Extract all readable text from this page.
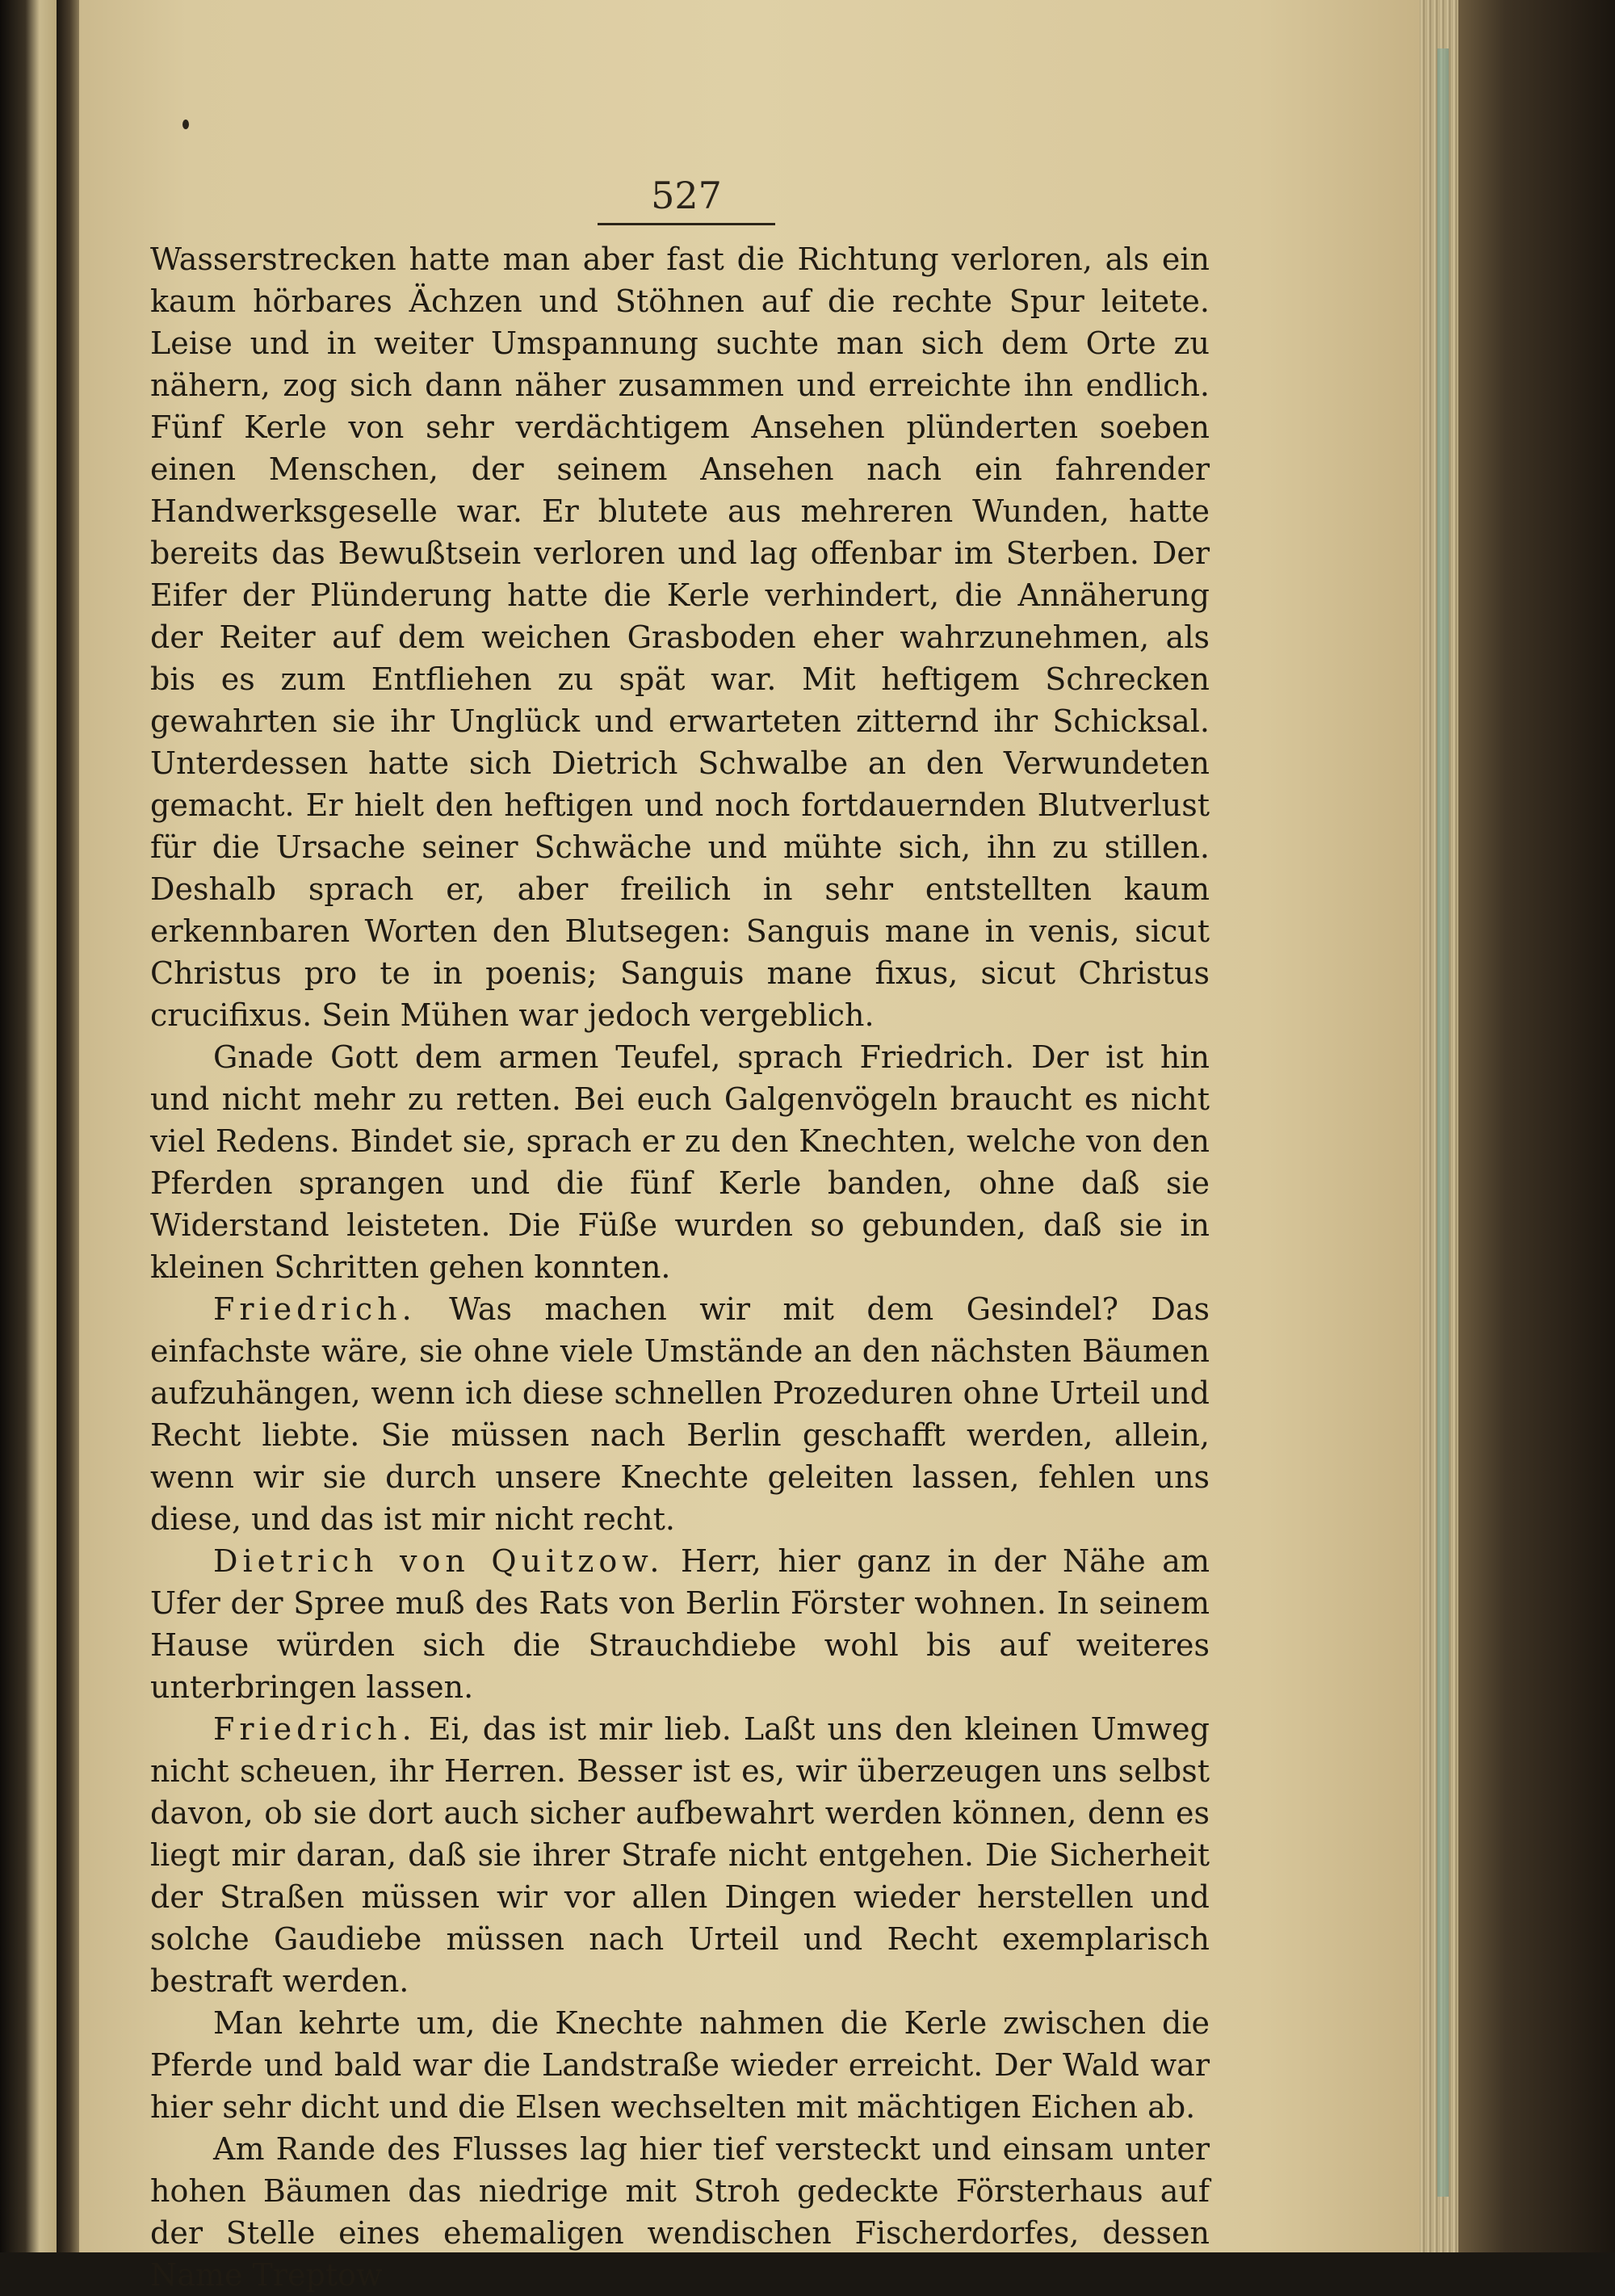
527

Wasserstrecken hatte man aber fast die Richtung verloren, als ein kaum hörbares Ächzen und Stöhnen auf die rechte Spur leitete. Leise und in weiter Umspannung suchte man sich dem Orte zu nähern, zog sich dann näher zusammen und erreichte ihn endlich. Fünf Kerle von sehr verdächtigem Ansehen plünderten soeben einen Menschen, der seinem Ansehen nach ein fahrender Handwerksgeselle war. Er blutete aus mehreren Wunden, hatte bereits das Bewußtsein verloren und lag offenbar im Sterben. Der Eifer der Plünderung hatte die Kerle verhindert, die Annäherung der Reiter auf dem weichen Grasboden eher wahrzunehmen, als bis es zum Entfliehen zu spät war. Mit heftigem Schrecken gewahrten sie ihr Unglück und erwarteten zitternd ihr Schicksal. Unterdessen hatte sich Dietrich Schwalbe an den Verwundeten gemacht. Er hielt den heftigen und noch fortdauernden Blutverlust für die Ursache seiner Schwäche und mühte sich, ihn zu stillen. Deshalb sprach er, aber freilich in sehr entstellten kaum erkennbaren Worten den Blutsegen: Sanguis mane in venis, sicut Christus pro te in poenis; Sanguis mane fixus, sicut Christus crucifixus. Sein Mühen war jedoch vergeblich.

Gnade Gott dem armen Teufel, sprach Friedrich. Der ist hin und nicht mehr zu retten. Bei euch Galgenvögeln braucht es nicht viel Redens. Bindet sie, sprach er zu den Knechten, welche von den Pferden sprangen und die fünf Kerle banden, ohne daß sie Widerstand leisteten. Die Füße wurden so gebunden, daß sie in kleinen Schritten gehen konnten.

Friedrich. Was machen wir mit dem Gesindel? Das einfachste wäre, sie ohne viele Umstände an den nächsten Bäumen aufzuhängen, wenn ich diese schnellen Prozeduren ohne Urteil und Recht liebte. Sie müssen nach Berlin geschafft werden, allein, wenn wir sie durch unsere Knechte geleiten lassen, fehlen uns diese, und das ist mir nicht recht.

Dietrich von Quitzow. Herr, hier ganz in der Nähe am Ufer der Spree muß des Rats von Berlin Förster wohnen. In seinem Hause würden sich die Strauchdiebe wohl bis auf weiteres unterbringen lassen.

Friedrich. Ei, das ist mir lieb. Laßt uns den kleinen Umweg nicht scheuen, ihr Herren. Besser ist es, wir überzeugen uns selbst davon, ob sie dort auch sicher aufbewahrt werden können, denn es liegt mir daran, daß sie ihrer Strafe nicht entgehen. Die Sicherheit der Straßen müssen wir vor allen Dingen wieder herstellen und solche Gaudiebe müssen nach Urteil und Recht exemplarisch bestraft werden.

Man kehrte um, die Knechte nahmen die Kerle zwischen die Pferde und bald war die Landstraße wieder erreicht. Der Wald war hier sehr dicht und die Elsen wechselten mit mächtigen Eichen ab.

Am Rande des Flusses lag hier tief versteckt und einsam unter hohen Bäumen das niedrige mit Stroh gedeckte Försterhaus auf der Stelle eines ehemaligen wendischen Fischerdorfes, dessen Name Treptow
